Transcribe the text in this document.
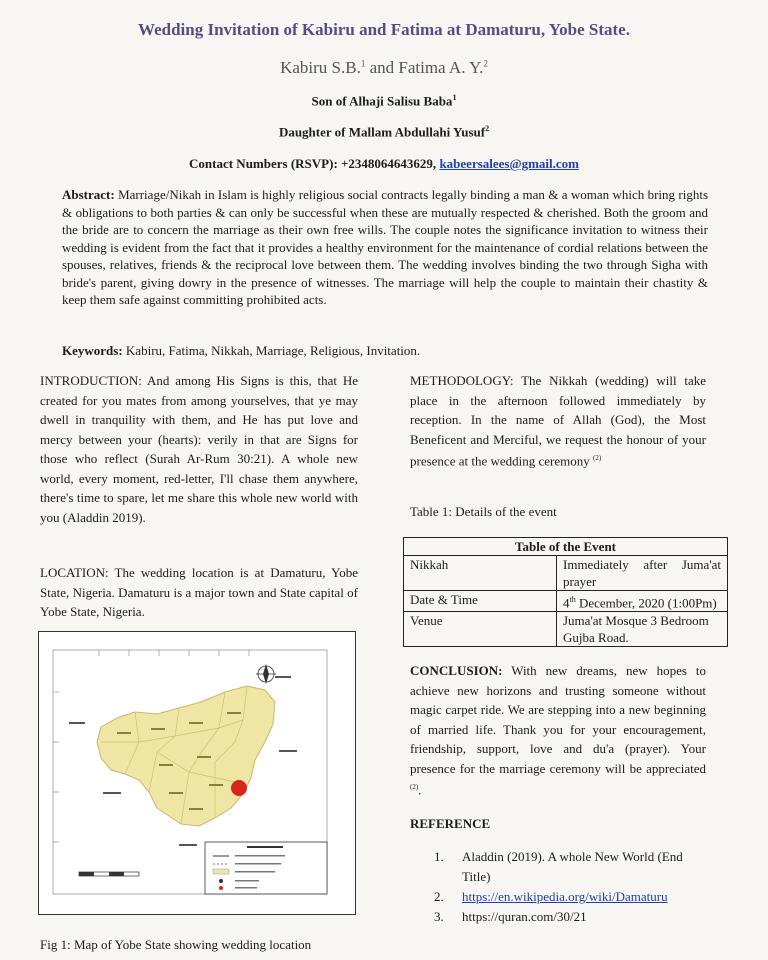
Wedding Invitation of Kabiru and Fatima at Damaturu, Yobe State.
Kabiru S.B.$^1$ and Fatima A. Y.$^2$
Son of Alhaji Salisu Baba$^1$
Daughter of Mallam Abdullahi Yusuf$^2$
Contact Numbers (RSVP): +2348064643629, kabeersalees@gmail.com
Abstract: Marriage/Nikah in Islam is highly religious social contracts legally binding a man & a woman which bring rights & obligations to both parties & can only be successful when these are mutually respected & cherished. Both the groom and the bride are to concern the marriage as their own free wills. The couple notes the significance invitation to witness their wedding is evident from the fact that it provides a healthy environment for the maintenance of cordial relations between the spouses, relatives, friends & the reciprocal love between them. The wedding involves binding the two through Sigha with bride's parent, giving dowry in the presence of witnesses. The marriage will help the couple to maintain their chastity & keep them safe against committing prohibited acts.
Keywords: Kabiru, Fatima, Nikkah, Marriage, Religious, Invitation.
INTRODUCTION: And among His Signs is this, that He created for you mates from among yourselves, that ye may dwell in tranquility with them, and He has put love and mercy between your (hearts): verily in that are Signs for those who reflect (Surah Ar-Rum 30:21). A whole new world, every moment, red-letter, I'll chase them anywhere, there's time to spare, let me share this whole new world with you (Aladdin 2019).
LOCATION: The wedding location is at Damaturu, Yobe State, Nigeria. Damaturu is a major town and State capital of Yobe State, Nigeria.
Fig 1: Map of Yobe State showing wedding location
METHODOLOGY: The Nikkah (wedding) will take place in the afternoon followed immediately by reception. In the name of Allah (God), the Most Beneficent and Merciful, we request the honour of your presence at the wedding ceremony $^{(2)}$
Table 1: Details of the event
Table of the Event	
Nikkah	Immediately after Juma'at prayer
Date & Time	4th December, 2020 (1:00Pm)
Venue	Juma'at Mosque 3 Bedroom Gujba Road.
CONCLUSION: With new dreams, new hopes to achieve new horizons and trusting someone without magic carpet ride. We are stepping into a new beginning of married life. Thank you for your encouragement, friendship, support, love and du'a (prayer). Your presence for the marriage ceremony will be appreciated $^{(2)}$.
REFERENCE
1. Aladdin (2019). A whole New World (End Title)
2. https://en.wikipedia.org/wiki/Damaturu
3. https://quran.com/30/21
